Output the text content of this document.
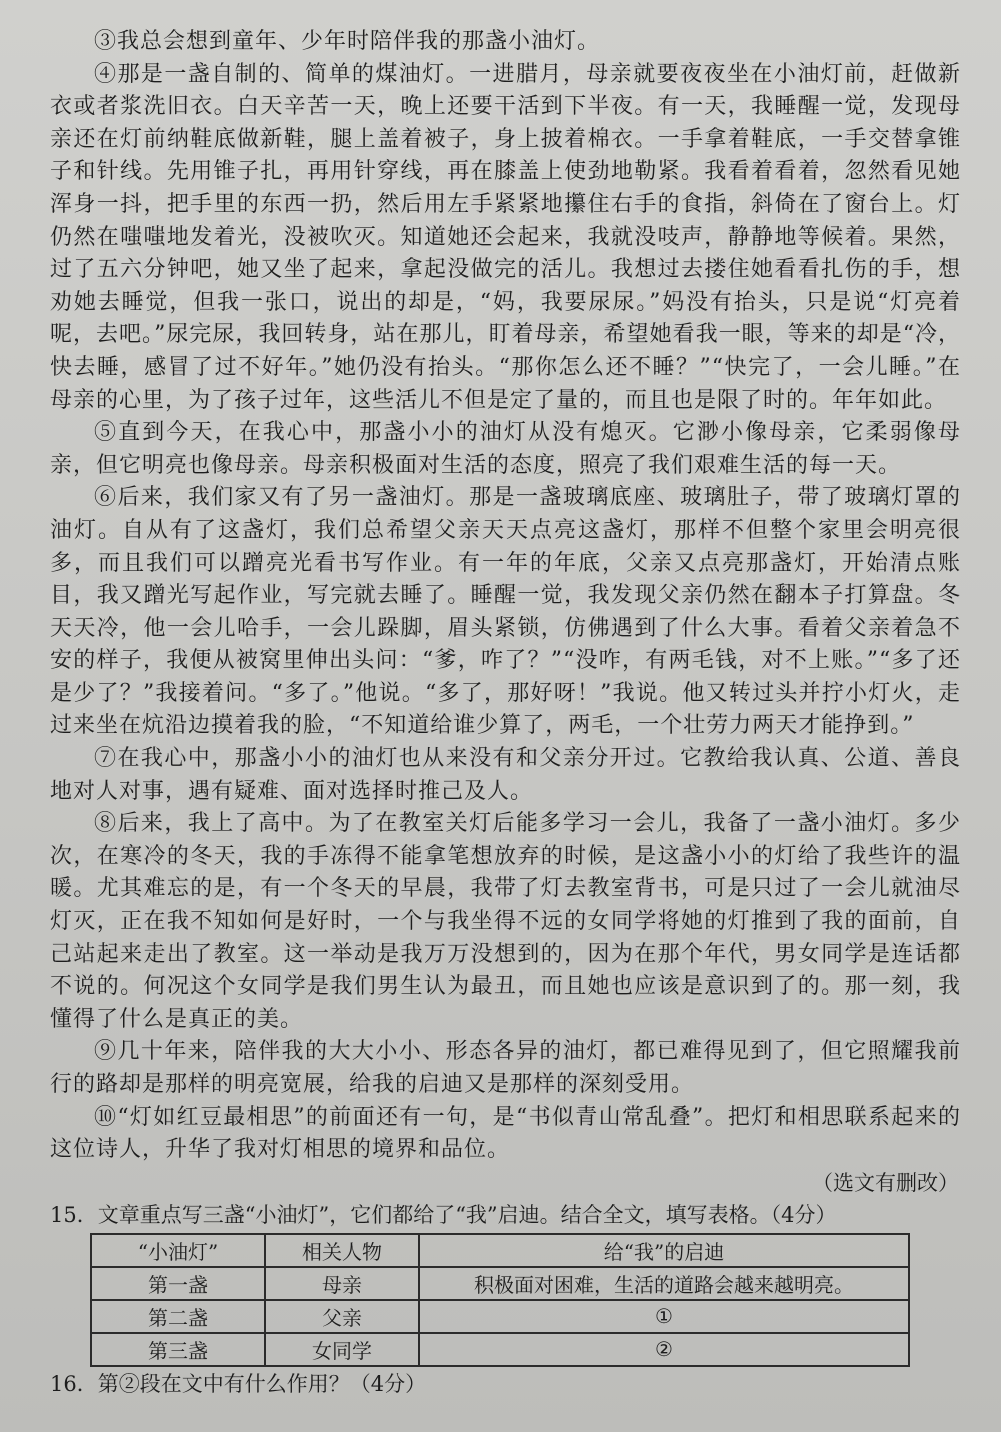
③我总会想到童年、少年时陪伴我的那盏小油灯。

④那是一盏自制的、简单的煤油灯。一进腊月，母亲就要夜夜坐在小油灯前，赶做新衣或者浆洗旧衣。白天辛苦一天，晚上还要干活到下半夜。有一天，我睡醒一觉，发现母亲还在灯前纳鞋底做新鞋，腿上盖着被子，身上披着棉衣。一手拿着鞋底，一手交替拿锥子和针线。先用锥子扎，再用针穿线，再在膝盖上使劲地勒紧。我看着看着，忽然看见她浑身一抖，把手里的东西一扔，然后用左手紧紧地攥住右手的食指，斜倚在了窗台上。灯仍然在嗤嗤地发着光，没被吹灭。知道她还会起来，我就没吱声，静静地等候着。果然，过了五六分钟吧，她又坐了起来，拿起没做完的活儿。我想过去搂住她看看扎伤的手，想劝她去睡觉，但我一张口，说出的却是，“妈，我要尿尿。”妈没有抬头，只是说“灯亮着呢，去吧。”尿完尿，我回转身，站在那儿，盯着母亲，希望她看我一眼，等来的却是“冷，快去睡，感冒了过不好年。”她仍没有抬头。“那你怎么还不睡？”“快完了，一会儿睡。”在母亲的心里，为了孩子过年，这些活儿不但是定了量的，而且也是限了时的。年年如此。

⑤直到今天，在我心中，那盏小小的油灯从没有熄灭。它渺小像母亲，它柔弱像母亲，但它明亮也像母亲。母亲积极面对生活的态度，照亮了我们艰难生活的每一天。

⑥后来，我们家又有了另一盏油灯。那是一盏玻璃底座、玻璃肚子，带了玻璃灯罩的油灯。自从有了这盏灯，我们总希望父亲天天点亮这盏灯，那样不但整个家里会明亮很多，而且我们可以蹭亮光看书写作业。有一年的年底，父亲又点亮那盏灯，开始清点账目，我又蹭光写起作业，写完就去睡了。睡醒一觉，我发现父亲仍然在翻本子打算盘。冬天天冷，他一会儿哈手，一会儿跺脚，眉头紧锁，仿佛遇到了什么大事。看着父亲着急不安的样子，我便从被窝里伸出头问：“爹，咋了？”“没咋，有两毛钱，对不上账。”“多了还是少了？”我接着问。“多了。”他说。“多了，那好呀！”我说。他又转过头并拧小灯火，走过来坐在炕沿边摸着我的脸，“不知道给谁少算了，两毛，一个壮劳力两天才能挣到。”

⑦在我心中，那盏小小的油灯也从来没有和父亲分开过。它教给我认真、公道、善良地对人对事，遇有疑难、面对选择时推己及人。

⑧后来，我上了高中。为了在教室关灯后能多学习一会儿，我备了一盏小油灯。多少次，在寒冷的冬天，我的手冻得不能拿笔想放弃的时候，是这盏小小的灯给了我些许的温暖。尤其难忘的是，有一个冬天的早晨，我带了灯去教室背书，可是只过了一会儿就油尽灯灭，正在我不知如何是好时，一个与我坐得不远的女同学将她的灯推到了我的面前，自己站起来走出了教室。这一举动是我万万没想到的，因为在那个年代，男女同学是连话都不说的。何况这个女同学是我们男生认为最丑，而且她也应该是意识到了的。那一刻，我懂得了什么是真正的美。

⑨几十年来，陪伴我的大大小小、形态各异的油灯，都已难得见到了，但它照耀我前行的路却是那样的明亮宽展，给我的启迪又是那样的深刻受用。

⑩“灯如红豆最相思”的前面还有一句，是“书似青山常乱叠”。把灯和相思联系起来的这位诗人，升华了我对灯相思的境界和品位。

（选文有删改）

15．文章重点写三盏“小油灯”，它们都给了“我”启迪。结合全文，填写表格。（4分）

“小油灯”	相关人物	给“我”的启迪
第一盏	母亲	积极面对困难，生活的道路会越来越明亮。
第二盏	父亲	①
第三盏	女同学	②

16．第②段在文中有什么作用？（4分）
